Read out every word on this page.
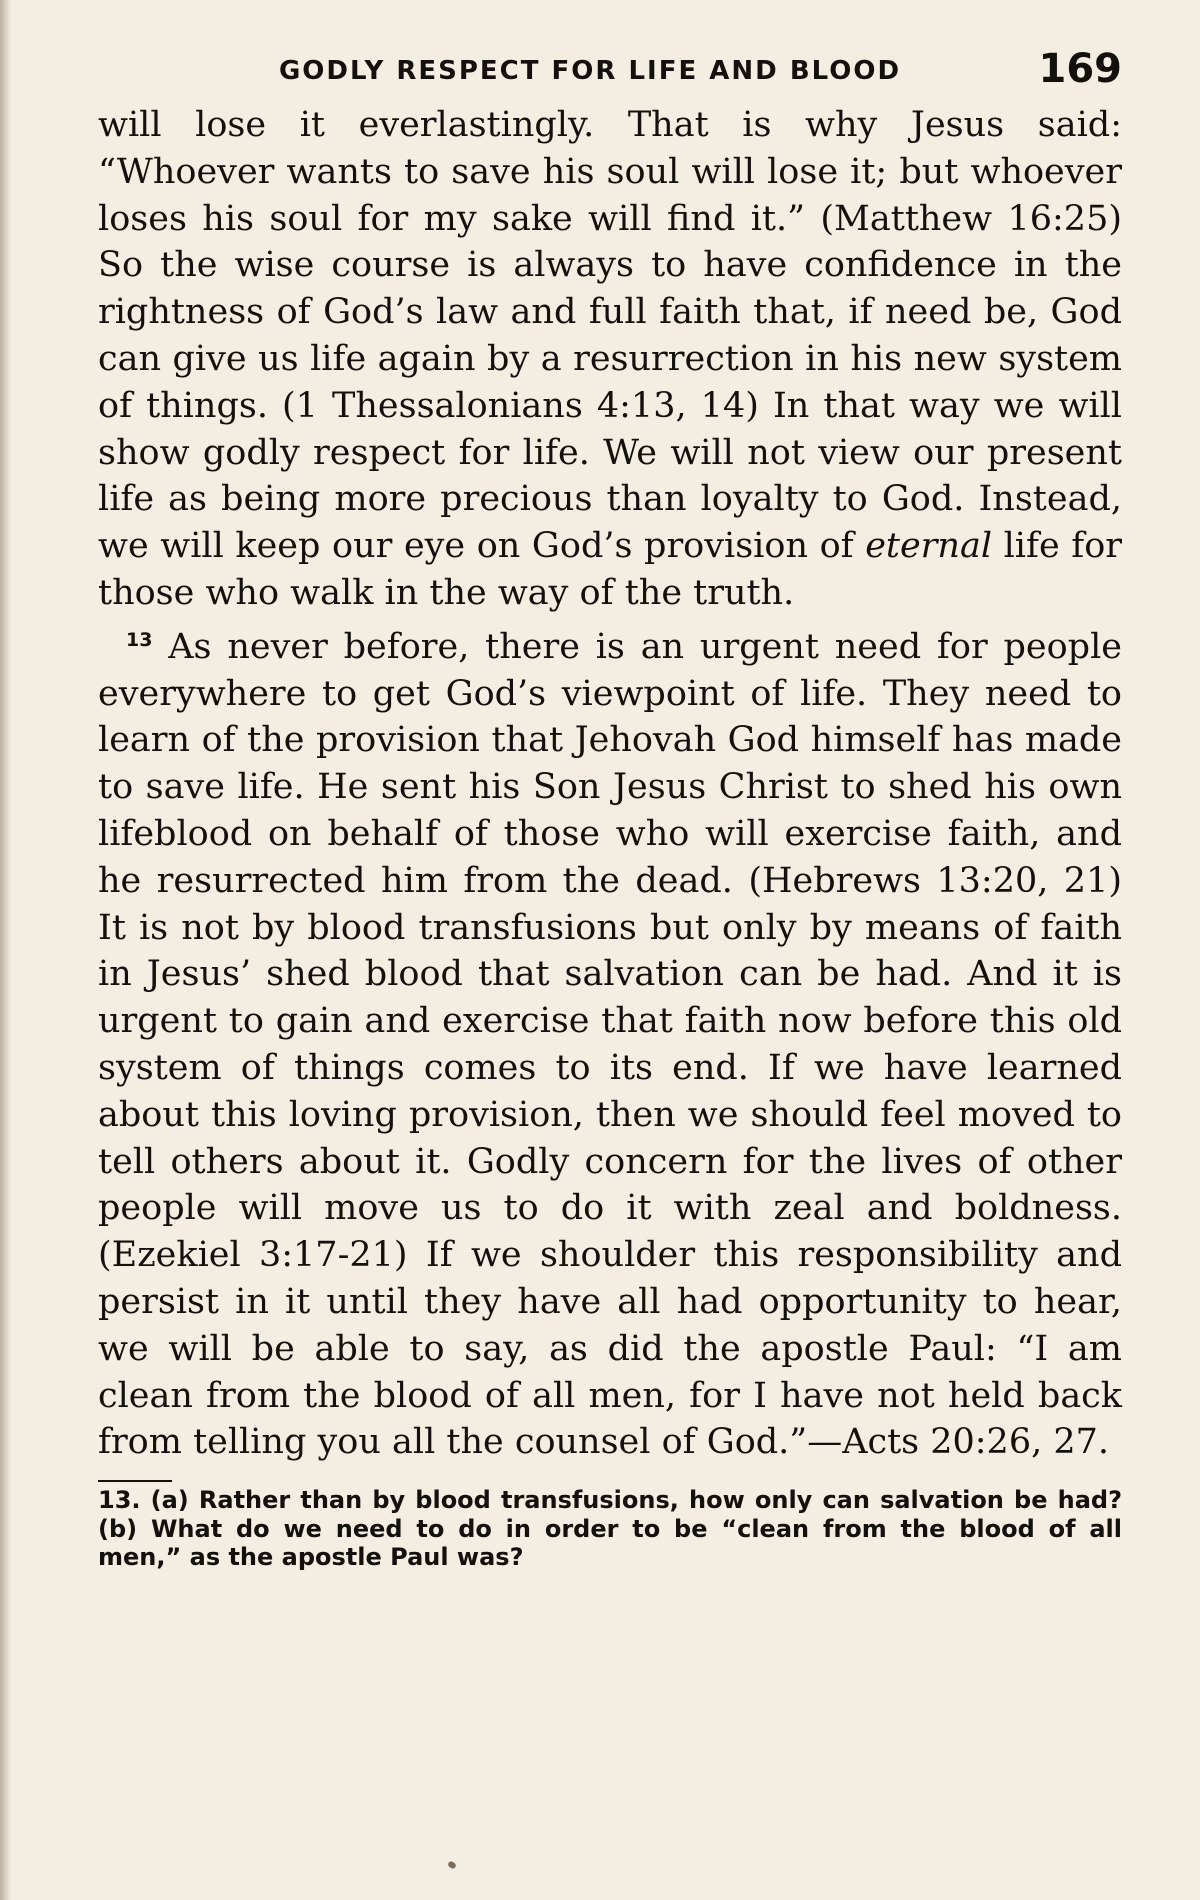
GODLY RESPECT FOR LIFE AND BLOOD	169

will lose it everlastingly. That is why Jesus said: “Whoever wants to save his soul will lose it; but whoever loses his soul for my sake will find it.” (Matthew 16:25) So the wise course is always to have confidence in the rightness of God’s law and full faith that, if need be, God can give us life again by a resurrection in his new system of things. (1 Thessalonians 4:13, 14) In that way we will show godly respect for life. We will not view our present life as being more precious than loyalty to God. Instead, we will keep our eye on God’s provision of eternal life for those who walk in the way of the truth.

$^{13}$ As never before, there is an urgent need for people everywhere to get God’s viewpoint of life. They need to learn of the provision that Jehovah God himself has made to save life. He sent his Son Jesus Christ to shed his own lifeblood on behalf of those who will exercise faith, and he resurrected him from the dead. (Hebrews 13:20, 21) It is not by blood transfusions but only by means of faith in Jesus’ shed blood that salvation can be had. And it is urgent to gain and exercise that faith now before this old system of things comes to its end. If we have learned about this loving provision, then we should feel moved to tell others about it. Godly concern for the lives of other people will move us to do it with zeal and boldness. (Ezekiel 3:17-21) If we shoulder this responsibility and persist in it until they have all had opportunity to hear, we will be able to say, as did the apostle Paul: “I am clean from the blood of all men, for I have not held back from telling you all the counsel of God.”—Acts 20:26, 27.

13. (a) Rather than by blood transfusions, how only can salvation be had? (b) What do we need to do in order to be “clean from the blood of all men,” as the apostle Paul was?
